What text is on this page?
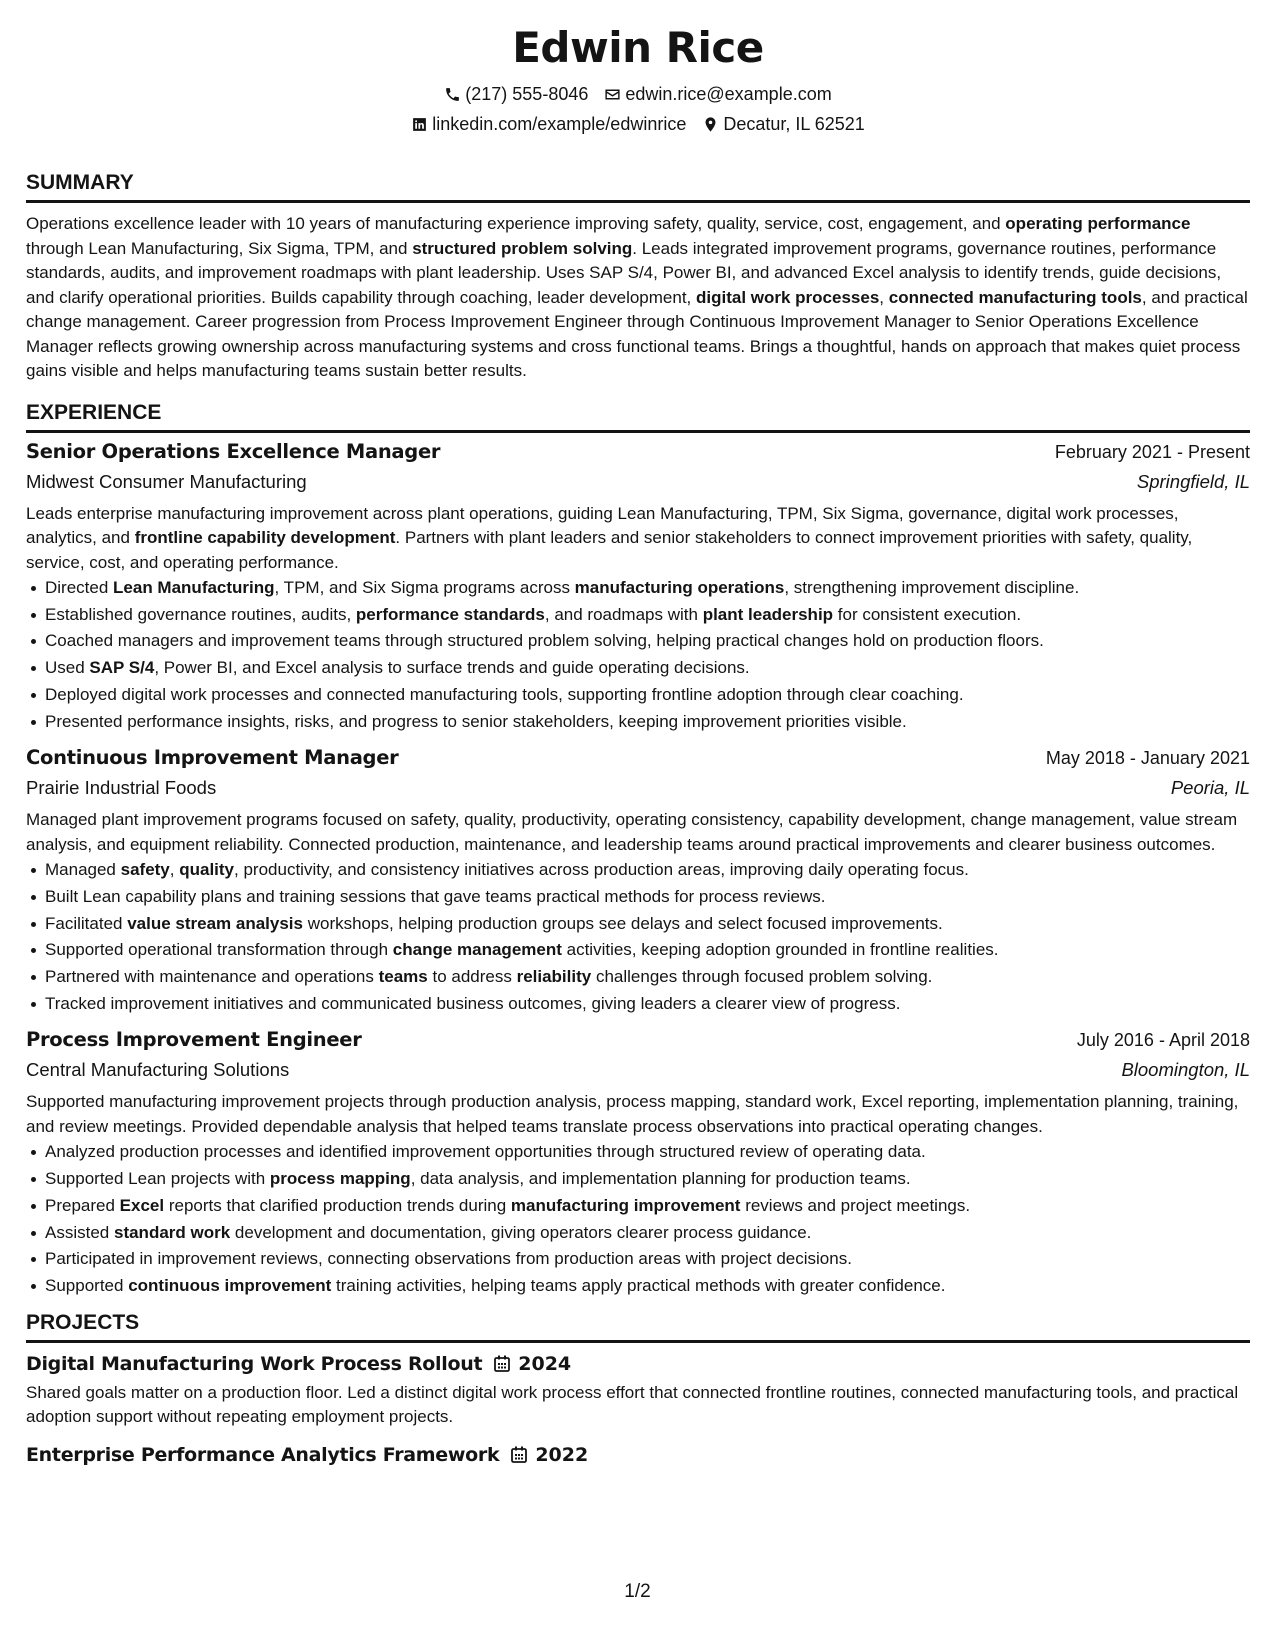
Edwin Rice
(217) 555-8046 edwin.rice@example.com
linkedin.com/example/edwinrice Decatur, IL 62521
SUMMARY

Operations excellence leader with 10 years of manufacturing experience improving safety, quality, service, cost, engagement, and operating performance through Lean Manufacturing, Six Sigma, TPM, and structured problem solving. Leads integrated improvement programs, governance routines, performance standards, audits, and improvement roadmaps with plant leadership. Uses SAP S/4, Power BI, and advanced Excel analysis to identify trends, guide decisions, and clarify operational priorities. Builds capability through coaching, leader development, digital work processes, connected manufacturing tools, and practical change management. Career progression from Process Improvement Engineer through Continuous Improvement Manager to Senior Operations Excellence Manager reflects growing ownership across manufacturing systems and cross functional teams. Brings a thoughtful, hands on approach that makes quiet process gains visible and helps manufacturing teams sustain better results.

EXPERIENCE
Senior Operations Excellence Manager	February 2021 - Present
Midwest Consumer Manufacturing	Springfield, IL

Leads enterprise manufacturing improvement across plant operations, guiding Lean Manufacturing, TPM, Six Sigma, governance, digital work processes, analytics, and frontline capability development. Partners with plant leaders and senior stakeholders to connect improvement priorities with safety, quality, service, cost, and operating performance.

Directed Lean Manufacturing, TPM, and Six Sigma programs across manufacturing operations, strengthening improvement discipline.
Established governance routines, audits, performance standards, and roadmaps with plant leadership for consistent execution.
Coached managers and improvement teams through structured problem solving, helping practical changes hold on production floors.
Used SAP S/4, Power BI, and Excel analysis to surface trends and guide operating decisions.
Deployed digital work processes and connected manufacturing tools, supporting frontline adoption through clear coaching.
Presented performance insights, risks, and progress to senior stakeholders, keeping improvement priorities visible.
Continuous Improvement Manager	May 2018 - January 2021
Prairie Industrial Foods	Peoria, IL

Managed plant improvement programs focused on safety, quality, productivity, operating consistency, capability development, change management, value stream analysis, and equipment reliability. Connected production, maintenance, and leadership teams around practical improvements and clearer business outcomes.

Managed safety, quality, productivity, and consistency initiatives across production areas, improving daily operating focus.
Built Lean capability plans and training sessions that gave teams practical methods for process reviews.
Facilitated value stream analysis workshops, helping production groups see delays and select focused improvements.
Supported operational transformation through change management activities, keeping adoption grounded in frontline realities.
Partnered with maintenance and operations teams to address reliability challenges through focused problem solving.
Tracked improvement initiatives and communicated business outcomes, giving leaders a clearer view of progress.
Process Improvement Engineer	July 2016 - April 2018
Central Manufacturing Solutions	Bloomington, IL

Supported manufacturing improvement projects through production analysis, process mapping, standard work, Excel reporting, implementation planning, training, and review meetings. Provided dependable analysis that helped teams translate process observations into practical operating changes.

Analyzed production processes and identified improvement opportunities through structured review of operating data.
Supported Lean projects with process mapping, data analysis, and implementation planning for production teams.
Prepared Excel reports that clarified production trends during manufacturing improvement reviews and project meetings.
Assisted standard work development and documentation, giving operators clearer process guidance.
Participated in improvement reviews, connecting observations from production areas with project decisions.
Supported continuous improvement training activities, helping teams apply practical methods with greater confidence.
PROJECTS
Digital Manufacturing Work Process Rollout 2024

Shared goals matter on a production floor. Led a distinct digital work process effort that connected frontline routines, connected manufacturing tools, and practical adoption support without repeating employment projects.

Enterprise Performance Analytics Framework 2022
1/2
